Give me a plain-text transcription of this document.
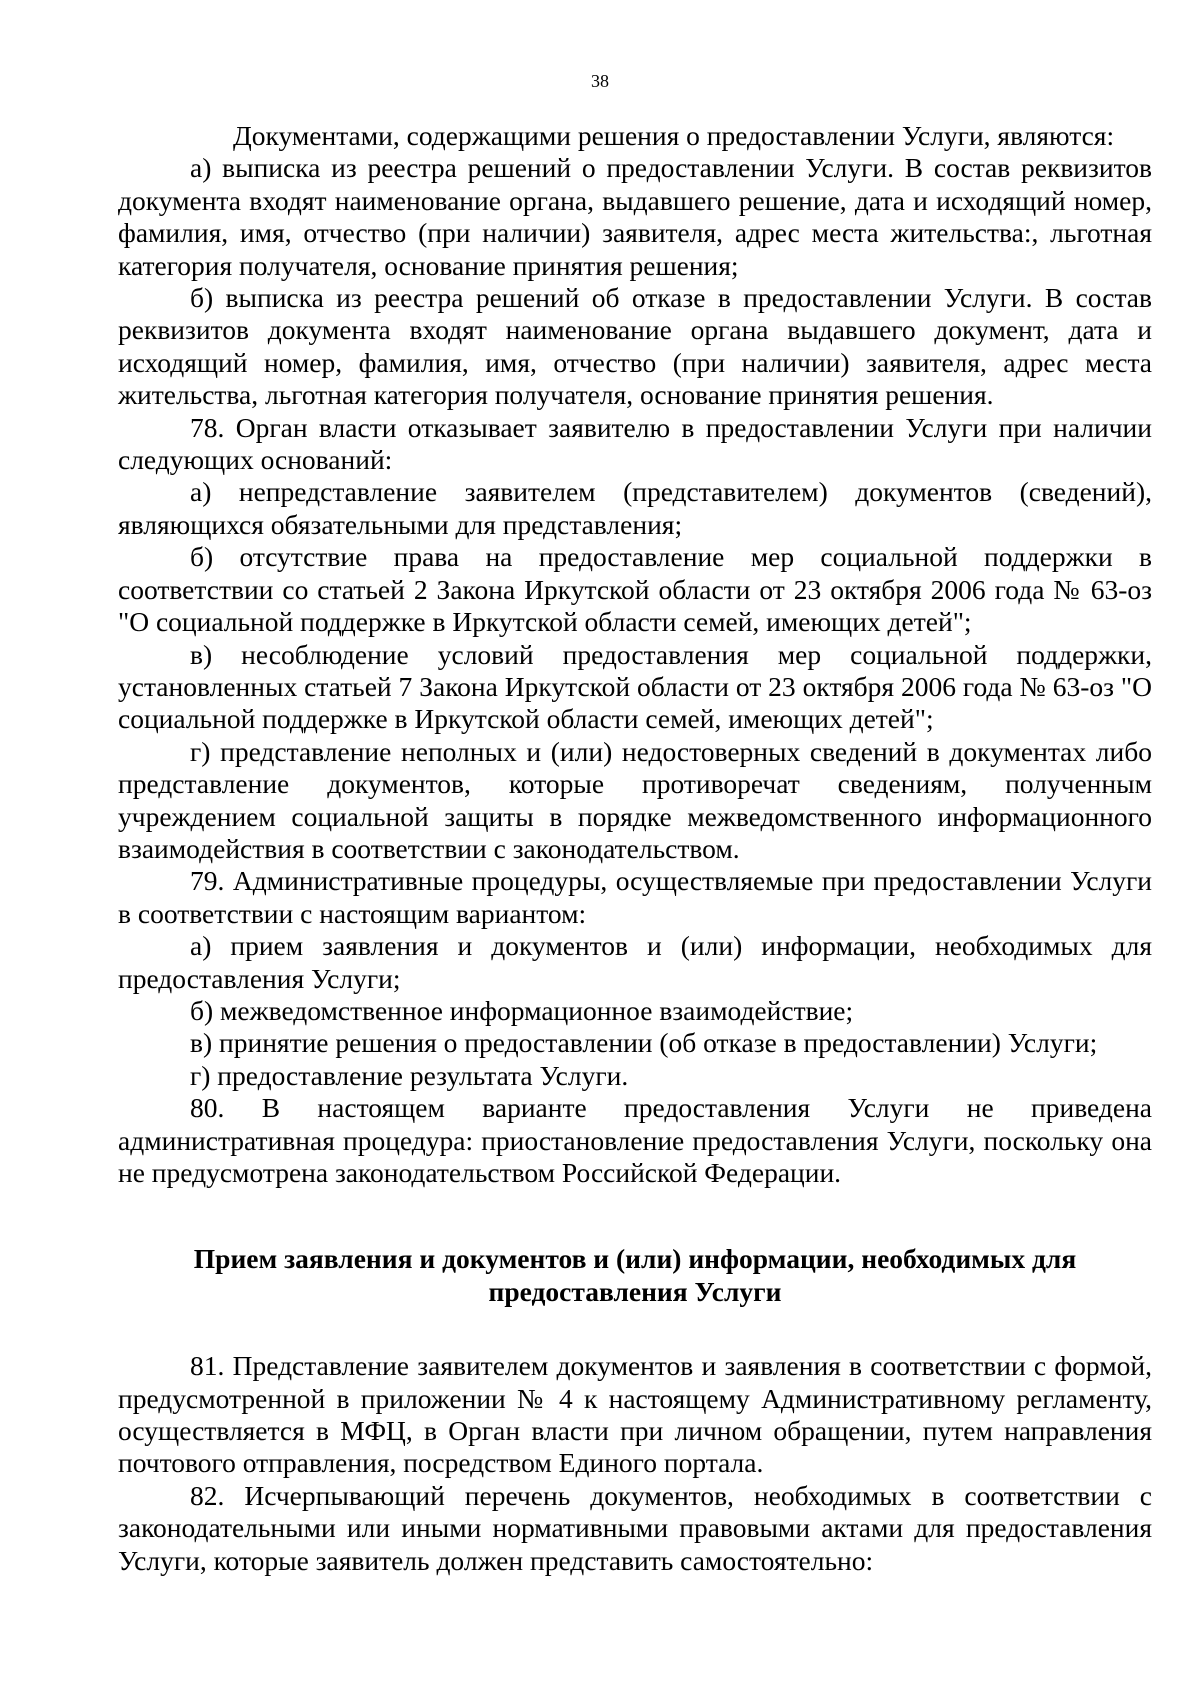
38

Документами, содержащими решения о предоставлении Услуги, являются:

а) выписка из реестра решений о предоставлении Услуги. В состав реквизитов документа входят наименование органа, выдавшего решение, дата и исходящий номер, фамилия, имя, отчество (при наличии) заявителя, адрес места жительства:, льготная категория получателя, основание принятия решения;

б) выписка из реестра решений об отказе в предоставлении Услуги. В состав реквизитов документа входят наименование органа выдавшего документ, дата и исходящий номер, фамилия, имя, отчество (при наличии) заявителя, адрес места жительства, льготная категория получателя, основание принятия решения.

78. Орган власти отказывает заявителю в предоставлении Услуги при наличии следующих оснований:

а) непредставление заявителем (представителем) документов (сведений), являющихся обязательными для представления;

б) отсутствие права на предоставление мер социальной поддержки в соответствии со статьей 2 Закона Иркутской области от 23 октября 2006 года № 63-оз "О социальной поддержке в Иркутской области семей, имеющих детей";

в) несоблюдение условий предоставления мер социальной поддержки, установленных статьей 7 Закона Иркутской области от 23 октября 2006 года № 63-оз "О социальной поддержке в Иркутской области семей, имеющих детей";

г) представление неполных и (или) недостоверных сведений в документах либо представление документов, которые противоречат сведениям, полученным учреждением социальной защиты в порядке межведомственного информационного взаимодействия в соответствии с законодательством.

79. Административные процедуры, осуществляемые при предоставлении Услуги в соответствии с настоящим вариантом:

а) прием заявления и документов и (или) информации, необходимых для предоставления Услуги;

б) межведомственное информационное взаимодействие;

в) принятие решения о предоставлении (об отказе в предоставлении) Услуги;

г) предоставление результата Услуги.

80. В настоящем варианте предоставления Услуги не приведена административная процедура: приостановление предоставления Услуги, поскольку она не предусмотрена законодательством Российской Федерации.

Прием заявления и документов и (или) информации, необходимых для предоставления Услуги

81. Представление заявителем документов и заявления в соответствии с формой, предусмотренной в приложении № 4 к настоящему Административному регламенту, осуществляется в МФЦ, в Орган власти при личном обращении, путем направления почтового отправления, посредством Единого портала.

82. Исчерпывающий перечень документов, необходимых в соответствии с законодательными или иными нормативными правовыми актами для предоставления Услуги, которые заявитель должен представить самостоятельно:
